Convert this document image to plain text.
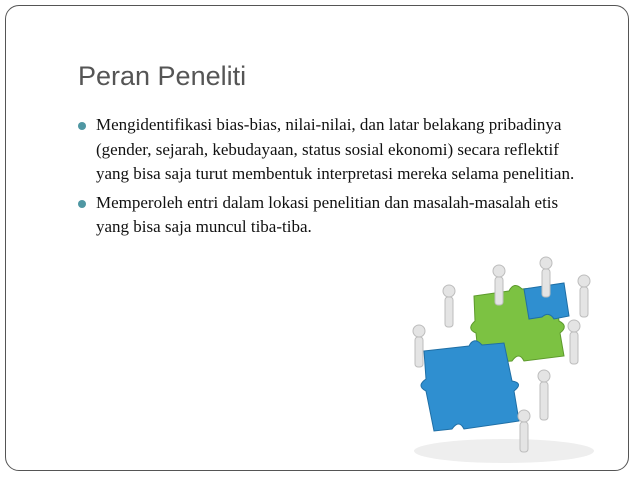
Peran Peneliti
Mengidentifikasi bias-bias, nilai-nilai, dan latar belakang pribadinya (gender, sejarah, kebudayaan, status sosial ekonomi) secara reflektif yang bisa saja turut membentuk interpretasi mereka selama penelitian.
Memperoleh entri dalam lokasi penelitian dan masalah-masalah etis yang bisa saja muncul tiba-tiba.
